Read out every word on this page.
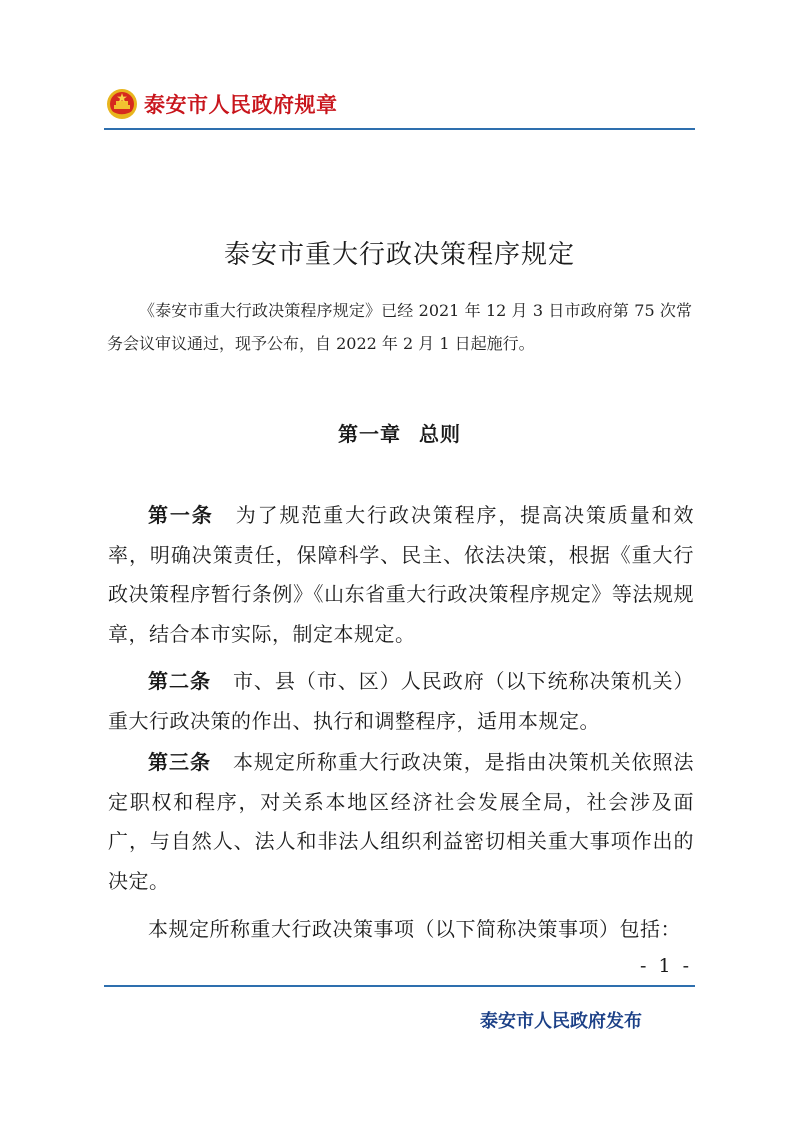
泰安市人民政府规章
泰安市重大行政决策程序规定
《泰安市重大行政决策程序规定》已经 2021 年 12 月 3 日市政府第 75 次常务会议审议通过，现予公布，自 2022 年 2 月 1 日起施行。
第一章 总则
第一条 为了规范重大行政决策程序，提高决策质量和效率，明确决策责任，保障科学、民主、依法决策，根据《重大行政决策程序暂行条例》《山东省重大行政决策程序规定》等法规规章，结合本市实际，制定本规定。
第二条 市、县（市、区）人民政府（以下统称决策机关）重大行政决策的作出、执行和调整程序，适用本规定。
第三条 本规定所称重大行政决策，是指由决策机关依照法定职权和程序，对关系本地区经济社会发展全局，社会涉及面广，与自然人、法人和非法人组织利益密切相关重大事项作出的决定。
本规定所称重大行政决策事项（以下简称决策事项）包括：
- 1 -
泰安市人民政府发布
